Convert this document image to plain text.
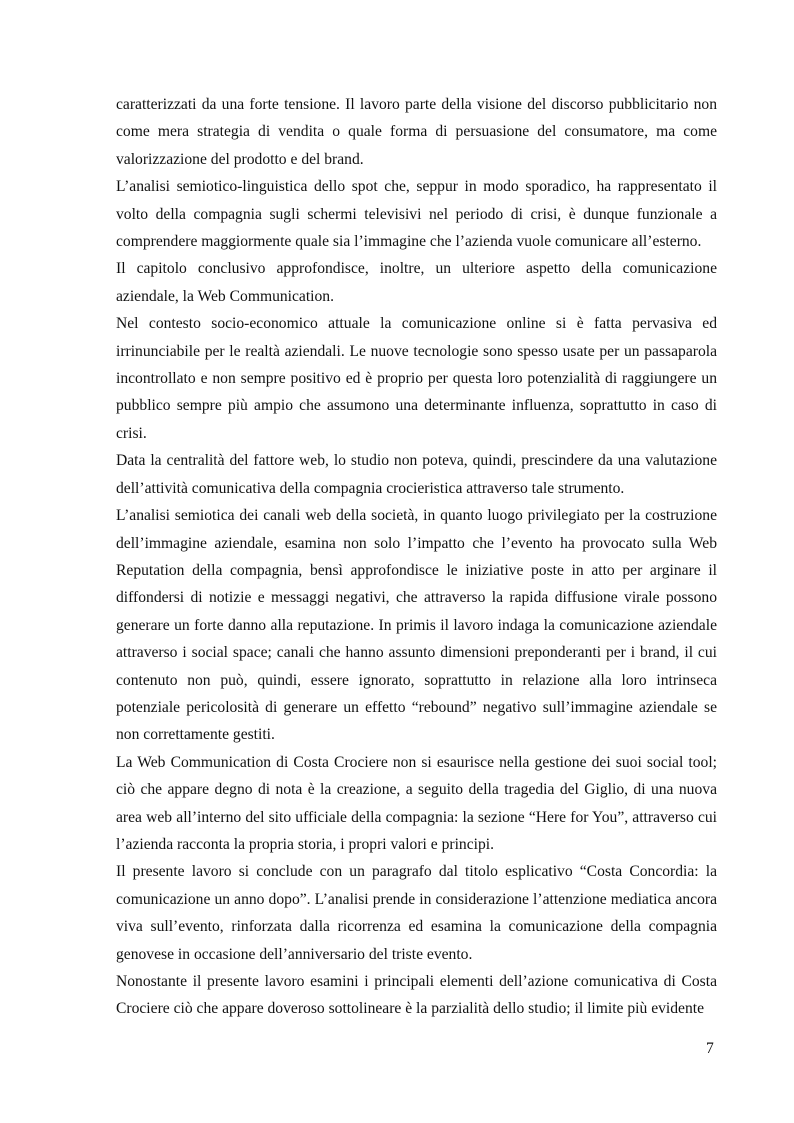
caratterizzati da una forte tensione. Il lavoro parte della visione del discorso pubblicitario non come mera strategia di vendita o quale forma di persuasione del consumatore, ma come valorizzazione del prodotto e del brand.

L’analisi semiotico-linguistica dello spot che, seppur in modo sporadico, ha rappresentato il volto della compagnia sugli schermi televisivi nel periodo di crisi, è dunque funzionale a comprendere maggiormente quale sia l’immagine che l’azienda vuole comunicare all’esterno.

Il capitolo conclusivo approfondisce, inoltre, un ulteriore aspetto della comunicazione aziendale, la Web Communication.

Nel contesto socio-economico attuale la comunicazione online si è fatta pervasiva ed irrinunciabile per le realtà aziendali. Le nuove tecnologie sono spesso usate per un passaparola incontrollato e non sempre positivo ed è proprio per questa loro potenzialità di raggiungere un pubblico sempre più ampio che assumono una determinante influenza, soprattutto in caso di crisi.

Data la centralità del fattore web, lo studio non poteva, quindi, prescindere da una valutazione dell’attività comunicativa della compagnia crocieristica attraverso tale strumento.

L’analisi semiotica dei canali web della società, in quanto luogo privilegiato per la costruzione dell’immagine aziendale, esamina non solo l’impatto che l’evento ha provocato sulla Web Reputation della compagnia, bensì approfondisce le iniziative poste in atto per arginare il diffondersi di notizie e messaggi negativi, che attraverso la rapida diffusione virale possono generare un forte danno alla reputazione. In primis il lavoro indaga la comunicazione aziendale attraverso i social space; canali che hanno assunto dimensioni preponderanti per i brand, il cui contenuto non può, quindi, essere ignorato, soprattutto in relazione alla loro intrinseca potenziale pericolosità di generare un effetto “rebound” negativo sull’immagine aziendale se non correttamente gestiti.

La Web Communication di Costa Crociere non si esaurisce nella gestione dei suoi social tool; ciò che appare degno di nota è la creazione, a seguito della tragedia del Giglio, di una nuova area web all’interno del sito ufficiale della compagnia: la sezione “Here for You”, attraverso cui l’azienda racconta la propria storia, i propri valori e principi.

Il presente lavoro si conclude con un paragrafo dal titolo esplicativo “Costa Concordia: la comunicazione un anno dopo”. L’analisi prende in considerazione l’attenzione mediatica ancora viva sull’evento, rinforzata dalla ricorrenza ed esamina la comunicazione della compagnia genovese in occasione dell’anniversario del triste evento.

Nonostante il presente lavoro esamini i principali elementi dell’azione comunicativa di Costa Crociere ciò che appare doveroso sottolineare è la parzialità dello studio; il limite più evidente

7
